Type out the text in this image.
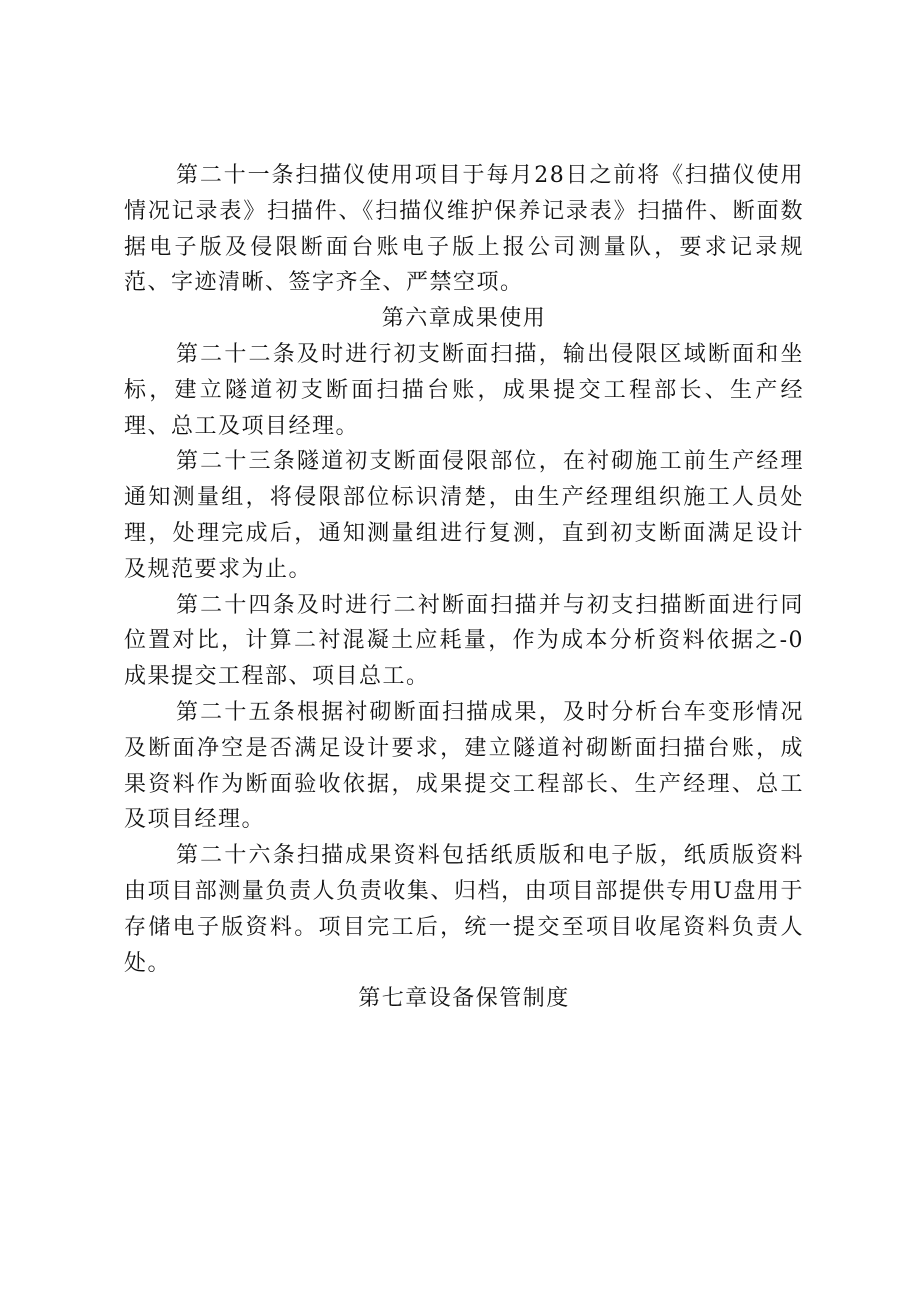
第二十一条扫描仪使用项目于每月28日之前将《扫描仪使用情况记录表》扫描件、《扫描仪维护保养记录表》扫描件、断面数据电子版及侵限断面台账电子版上报公司测量队，要求记录规范、字迹清晰、签字齐全、严禁空项。

第六章成果使用

第二十二条及时进行初支断面扫描，输出侵限区域断面和坐标，建立隧道初支断面扫描台账，成果提交工程部长、生产经理、总工及项目经理。

第二十三条隧道初支断面侵限部位，在衬砌施工前生产经理通知测量组，将侵限部位标识清楚，由生产经理组织施工人员处理，处理完成后，通知测量组进行复测，直到初支断面满足设计及规范要求为止。

第二十四条及时进行二衬断面扫描并与初支扫描断面进行同位置对比，计算二衬混凝土应耗量，作为成本分析资料依据之-0成果提交工程部、项目总工。

第二十五条根据衬砌断面扫描成果，及时分析台车变形情况及断面净空是否满足设计要求，建立隧道衬砌断面扫描台账，成果资料作为断面验收依据，成果提交工程部长、生产经理、总工及项目经理。

第二十六条扫描成果资料包括纸质版和电子版，纸质版资料由项目部测量负责人负责收集、归档，由项目部提供专用U盘用于存储电子版资料。项目完工后，统一提交至项目收尾资料负责人处。

第七章设备保管制度
